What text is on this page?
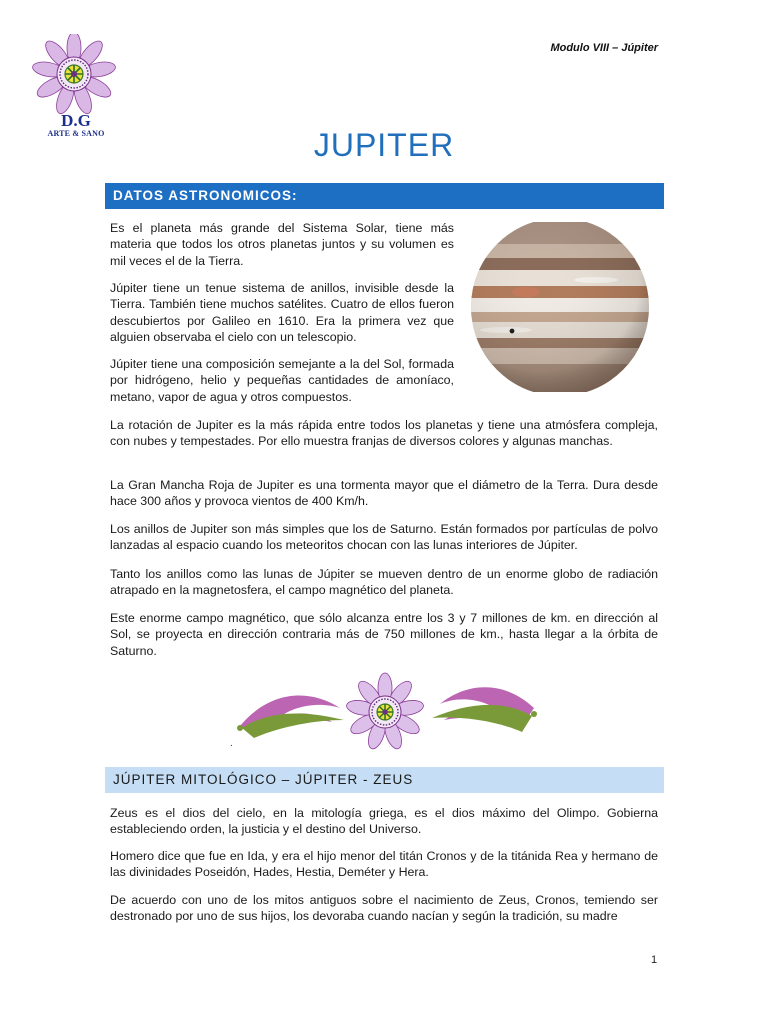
D.G
ARTE & SANO
Modulo VIII – Júpiter
JUPITER
DATOS ASTRONOMICOS:

Es el planeta más grande del Sistema Solar, tiene más materia que todos los otros planetas juntos y su volumen es mil veces el de la Tierra.

Júpiter tiene un tenue sistema de anillos, invisible desde la Tierra. También tiene muchos satélites. Cuatro de ellos fueron descubiertos por Galileo en 1610. Era la primera vez que alguien observaba el cielo con un telescopio.

Júpiter tiene una composición semejante a la del Sol, formada por hidrógeno, helio y pequeñas cantidades de amoníaco, metano, vapor de agua y otros compuestos.

La rotación de Jupiter es la más rápida entre todos los planetas y tiene una atmósfera compleja, con nubes y tempestades. Por ello muestra franjas de diversos colores y algunas manchas.

La Gran Mancha Roja de Jupiter es una tormenta mayor que el diámetro de la Terra. Dura desde hace 300 años y provoca vientos de 400 Km/h.

Los anillos de Jupiter son más simples que los de Saturno. Están formados por partículas de polvo lanzadas al espacio cuando los meteoritos chocan con las lunas interiores de Júpiter.

Tanto los anillos como las lunas de Júpiter se mueven dentro de un enorme globo de radiación atrapado en la magnetosfera, el campo magnético del planeta.

Este enorme campo magnético, que sólo alcanza entre los 3 y 7 millones de km. en dirección al Sol, se proyecta en dirección contraria más de 750 millones de km., hasta llegar a la órbita de Saturno.

.
JÚPITER MITOLÓGICO – JÚPITER - ZEUS

Zeus es el dios del cielo, en la mitología griega, es el dios máximo del Olimpo. Gobierna estableciendo orden, la justicia y el destino del Universo.

Homero dice que fue en Ida, y era el hijo menor del titán Cronos y de la titánida Rea y hermano de las divinidades Poseidón, Hades, Hestia, Deméter y Hera.

De acuerdo con uno de los mitos antiguos sobre el nacimiento de Zeus, Cronos, temiendo ser destronado por uno de sus hijos, los devoraba cuando nacían y según la tradición, su madre

1
